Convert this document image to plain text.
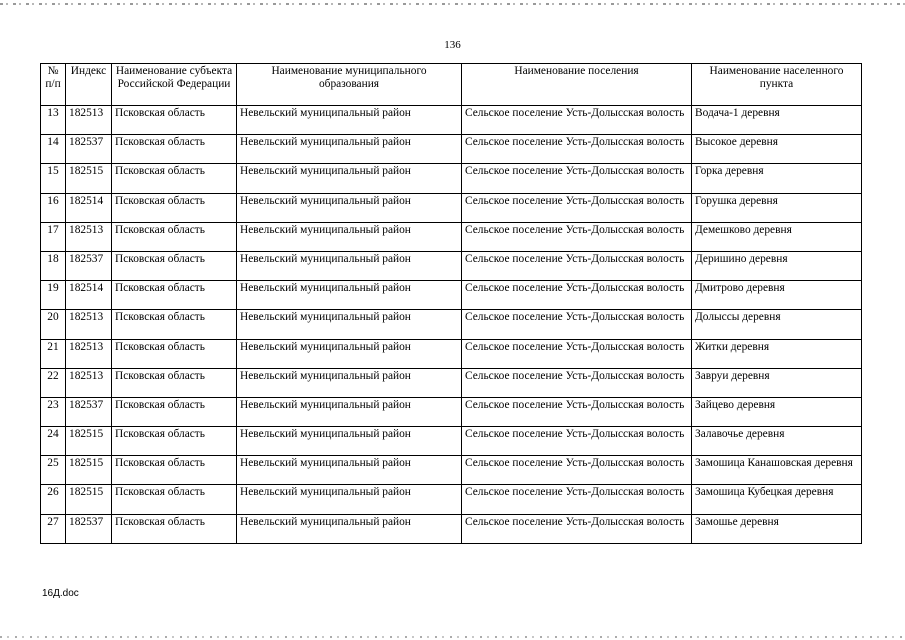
136
№ п/п	Индекс	Наименование субъекта Российской Федерации	Наименование муниципального образования	Наименование поселения	Наименование населенного пункта
13	182513	Псковская область	Невельский муниципальный район	Сельское поселение Усть-Долысская волость	Водача-1 деревня
14	182537	Псковская область	Невельский муниципальный район	Сельское поселение Усть-Долысская волость	Высокое деревня
15	182515	Псковская область	Невельский муниципальный район	Сельское поселение Усть-Долысская волость	Горка деревня
16	182514	Псковская область	Невельский муниципальный район	Сельское поселение Усть-Долысская волость	Горушка деревня
17	182513	Псковская область	Невельский муниципальный район	Сельское поселение Усть-Долысская волость	Демешково деревня
18	182537	Псковская область	Невельский муниципальный район	Сельское поселение Усть-Долысская волость	Деришино деревня
19	182514	Псковская область	Невельский муниципальный район	Сельское поселение Усть-Долысская волость	Дмитрово деревня
20	182513	Псковская область	Невельский муниципальный район	Сельское поселение Усть-Долысская волость	Долыссы деревня
21	182513	Псковская область	Невельский муниципальный район	Сельское поселение Усть-Долысская волость	Житки деревня
22	182513	Псковская область	Невельский муниципальный район	Сельское поселение Усть-Долысская волость	Завруи деревня
23	182537	Псковская область	Невельский муниципальный район	Сельское поселение Усть-Долысская волость	Зайцево деревня
24	182515	Псковская область	Невельский муниципальный район	Сельское поселение Усть-Долысская волость	Залавочье деревня
25	182515	Псковская область	Невельский муниципальный район	Сельское поселение Усть-Долысская волость	Замошица Канашовская деревня
26	182515	Псковская область	Невельский муниципальный район	Сельское поселение Усть-Долысская волость	Замошица Кубецкая деревня
27	182537	Псковская область	Невельский муниципальный район	Сельское поселение Усть-Долысская волость	Замошье деревня
16Д.doc
